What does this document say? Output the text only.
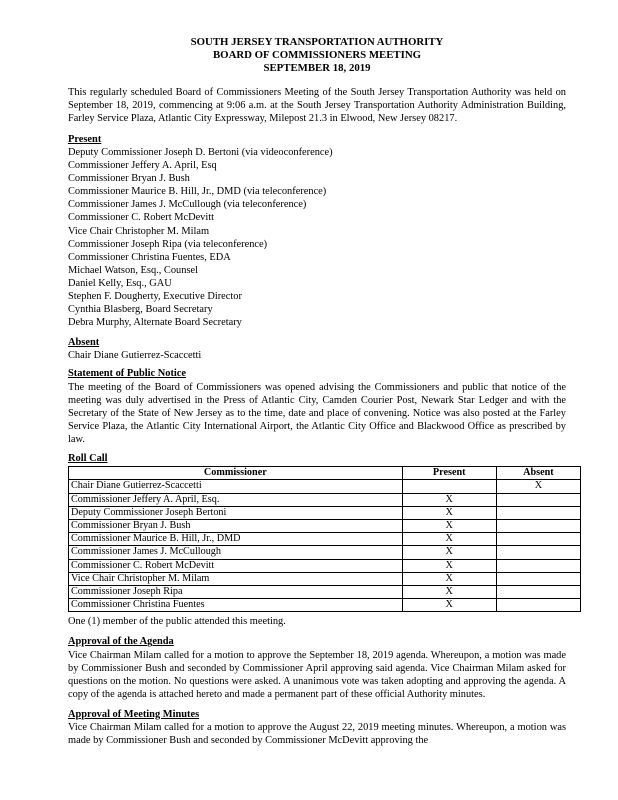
SOUTH JERSEY TRANSPORTATION AUTHORITY
BOARD OF COMMISSIONERS MEETING
SEPTEMBER 18, 2019

This regularly scheduled Board of Commissioners Meeting of the South Jersey Transportation Authority was held on September 18, 2019, commencing at 9:06 a.m. at the South Jersey Transportation Authority Administration Building, Farley Service Plaza, Atlantic City Expressway, Milepost 21.3 in Elwood, New Jersey 08217.

Present
Deputy Commissioner Joseph D. Bertoni (via videoconference)
Commissioner Jeffery A. April, Esq
Commissioner Bryan J. Bush
Commissioner Maurice B. Hill, Jr., DMD (via teleconference)
Commissioner James J. McCullough (via teleconference)
Commissioner C. Robert McDevitt
Vice Chair Christopher M. Milam
Commissioner Joseph Ripa (via teleconference)
Commissioner Christina Fuentes, EDA
Michael Watson, Esq., Counsel
Daniel Kelly, Esq., GAU
Stephen F. Dougherty, Executive Director
Cynthia Blasberg, Board Secretary
Debra Murphy, Alternate Board Secretary
Absent
Chair Diane Gutierrez-Scaccetti
Statement of Public Notice

The meeting of the Board of Commissioners was opened advising the Commissioners and public that notice of the meeting was duly advertised in the Press of Atlantic City, Camden Courier Post, Newark Star Ledger and with the Secretary of the State of New Jersey as to the time, date and place of convening. Notice was also posted at the Farley Service Plaza, the Atlantic City International Airport, the Atlantic City Office and Blackwood Office as prescribed by law.

Roll Call
Commissioner	Present	Absent
Chair Diane Gutierrez-Scaccetti		X
Commissioner Jeffery A. April, Esq.	X	
Deputy Commissioner Joseph Bertoni	X	
Commissioner Bryan J. Bush	X	
Commissioner Maurice B. Hill, Jr., DMD	X	
Commissioner James J. McCullough	X	
Commissioner C. Robert McDevitt	X	
Vice Chair Christopher M. Milam	X	
Commissioner Joseph Ripa	X	
Commissioner Christina Fuentes	X	
One (1) member of the public attended this meeting.
Approval of the Agenda

Vice Chairman Milam called for a motion to approve the September 18, 2019 agenda. Whereupon, a motion was made by Commissioner Bush and seconded by Commissioner April approving said agenda. Vice Chairman Milam asked for questions on the motion. No questions were asked. A unanimous vote was taken adopting and approving the agenda. A copy of the agenda is attached hereto and made a permanent part of these official Authority minutes.

Approval of Meeting Minutes

Vice Chairman Milam called for a motion to approve the August 22, 2019 meeting minutes. Whereupon, a motion was made by Commissioner Bush and seconded by Commissioner McDevitt approving the
